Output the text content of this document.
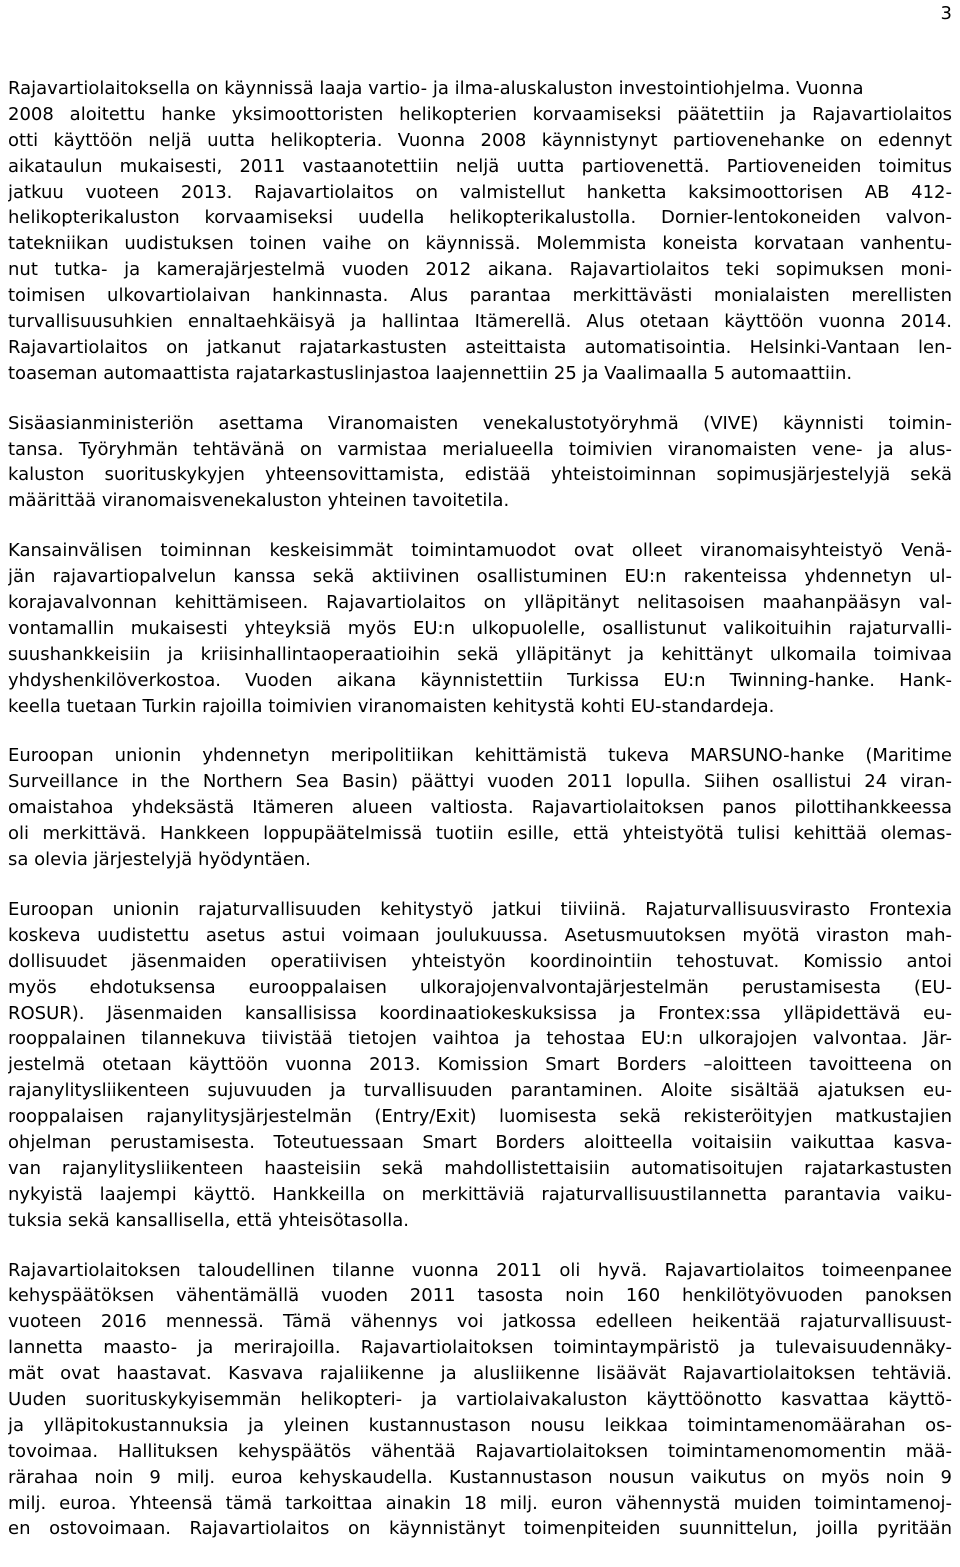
3
Rajavartiolaitoksella on käynnissä laaja vartio- ja ilma-aluskaluston investointiohjelma. Vuonna
2008 aloitettu hanke yksimoottoristen helikopterien korvaamiseksi päätettiin ja Rajavartiolaitos
otti käyttöön neljä uutta helikopteria. Vuonna 2008 käynnistynyt partiovenehanke on edennyt
aikataulun mukaisesti, 2011 vastaanotettiin neljä uutta partiovenettä. Partioveneiden toimitus
jatkuu vuoteen 2013. Rajavartiolaitos on valmistellut hanketta kaksimoottorisen AB 412-
helikopterikaluston korvaamiseksi uudella helikopterikalustolla. Dornier-lentokoneiden valvon-
tatekniikan uudistuksen toinen vaihe on käynnissä. Molemmista koneista korvataan vanhentu-
nut tutka- ja kamerajärjestelmä vuoden 2012 aikana. Rajavartiolaitos teki sopimuksen moni-
toimisen ulkovartiolaivan hankinnasta. Alus parantaa merkittävästi monialaisten merellisten
turvallisuusuhkien ennaltaehkäisyä ja hallintaa Itämerellä. Alus otetaan käyttöön vuonna 2014.
Rajavartiolaitos on jatkanut rajatarkastusten asteittaista automatisointia. Helsinki-Vantaan len-
toaseman automaattista rajatarkastuslinjastoa laajennettiin 25 ja Vaalimaalla 5 automaattiin.
Sisäasianministeriön asettama Viranomaisten venekalustotyöryhmä (VIVE) käynnisti toimin-
tansa. Työryhmän tehtävänä on varmistaa merialueella toimivien viranomaisten vene- ja alus-
kaluston suorituskykyjen yhteensovittamista, edistää yhteistoiminnan sopimusjärjestelyjä sekä
määrittää viranomaisvenekaluston yhteinen tavoitetila.
Kansainvälisen toiminnan keskeisimmät toimintamuodot ovat olleet viranomaisyhteistyö Venä-
jän rajavartiopalvelun kanssa sekä aktiivinen osallistuminen EU:n rakenteissa yhdennetyn ul-
korajavalvonnan kehittämiseen. Rajavartiolaitos on ylläpitänyt nelitasoisen maahanpääsyn val-
vontamallin mukaisesti yhteyksiä myös EU:n ulkopuolelle, osallistunut valikoituihin rajaturvalli-
suushankkeisiin ja kriisinhallintaoperaatioihin sekä ylläpitänyt ja kehittänyt ulkomaila toimivaa
yhdyshenkilöverkostoa. Vuoden aikana käynnistettiin Turkissa EU:n Twinning-hanke. Hank-
keella tuetaan Turkin rajoilla toimivien viranomaisten kehitystä kohti EU-standardeja.
Euroopan unionin yhdennetyn meripolitiikan kehittämistä tukeva MARSUNO-hanke (Maritime
Surveillance in the Northern Sea Basin) päättyi vuoden 2011 lopulla. Siihen osallistui 24 viran-
omaistahoa yhdeksästä Itämeren alueen valtiosta. Rajavartiolaitoksen panos pilottihankkeessa
oli merkittävä. Hankkeen loppupäätelmissä tuotiin esille, että yhteistyötä tulisi kehittää olemas-
sa olevia järjestelyjä hyödyntäen.
Euroopan unionin rajaturvallisuuden kehitystyö jatkui tiiviinä. Rajaturvallisuusvirasto Frontexia
koskeva uudistettu asetus astui voimaan joulukuussa. Asetusmuutoksen myötä viraston mah-
dollisuudet jäsenmaiden operatiivisen yhteistyön koordinointiin tehostuvat. Komissio antoi
myös ehdotuksensa eurooppalaisen ulkorajojenvalvontajärjestelmän perustamisesta (EU-
ROSUR). Jäsenmaiden kansallisissa koordinaatiokeskuksissa ja Frontex:ssa ylläpidettävä eu-
rooppalainen tilannekuva tiivistää tietojen vaihtoa ja tehostaa EU:n ulkorajojen valvontaa. Jär-
jestelmä otetaan käyttöön vuonna 2013. Komission Smart Borders –aloitteen tavoitteena on
rajanylitysliikenteen sujuvuuden ja turvallisuuden parantaminen. Aloite sisältää ajatuksen eu-
rooppalaisen rajanylitysjärjestelmän (Entry/Exit) luomisesta sekä rekisteröityjen matkustajien
ohjelman perustamisesta. Toteutuessaan Smart Borders aloitteella voitaisiin vaikuttaa kasva-
van rajanylitysliikenteen haasteisiin sekä mahdollistettaisiin automatisoitujen rajatarkastusten
nykyistä laajempi käyttö. Hankkeilla on merkittäviä rajaturvallisuustilannetta parantavia vaiku-
tuksia sekä kansallisella, että yhteisötasolla.
Rajavartiolaitoksen taloudellinen tilanne vuonna 2011 oli hyvä. Rajavartiolaitos toimeenpanee
kehyspäätöksen vähentämällä vuoden 2011 tasosta noin 160 henkilötyövuoden panoksen
vuoteen 2016 mennessä. Tämä vähennys voi jatkossa edelleen heikentää rajaturvallisuust-
lannetta maasto- ja merirajoilla. Rajavartiolaitoksen toimintaympäristö ja tulevaisuudennäky-
mät ovat haastavat. Kasvava rajaliikenne ja alusliikenne lisäävät Rajavartiolaitoksen tehtäviä.
Uuden suorituskykyisemmän helikopteri- ja vartiolaivakaluston käyttöönotto kasvattaa käyttö-
ja ylläpitokustannuksia ja yleinen kustannustason nousu leikkaa toimintamenomäärahan os-
tovoimaa. Hallituksen kehyspäätös vähentää Rajavartiolaitoksen toimintamenomomentin mää-
rärahaa noin 9 milj. euroa kehyskaudella. Kustannustason nousun vaikutus on myös noin 9
milj. euroa. Yhteensä tämä tarkoittaa ainakin 18 milj. euron vähennystä muiden toimintamenoj-
en ostovoimaan. Rajavartiolaitos on käynnistänyt toimenpiteiden suunnittelun, joilla pyritään
